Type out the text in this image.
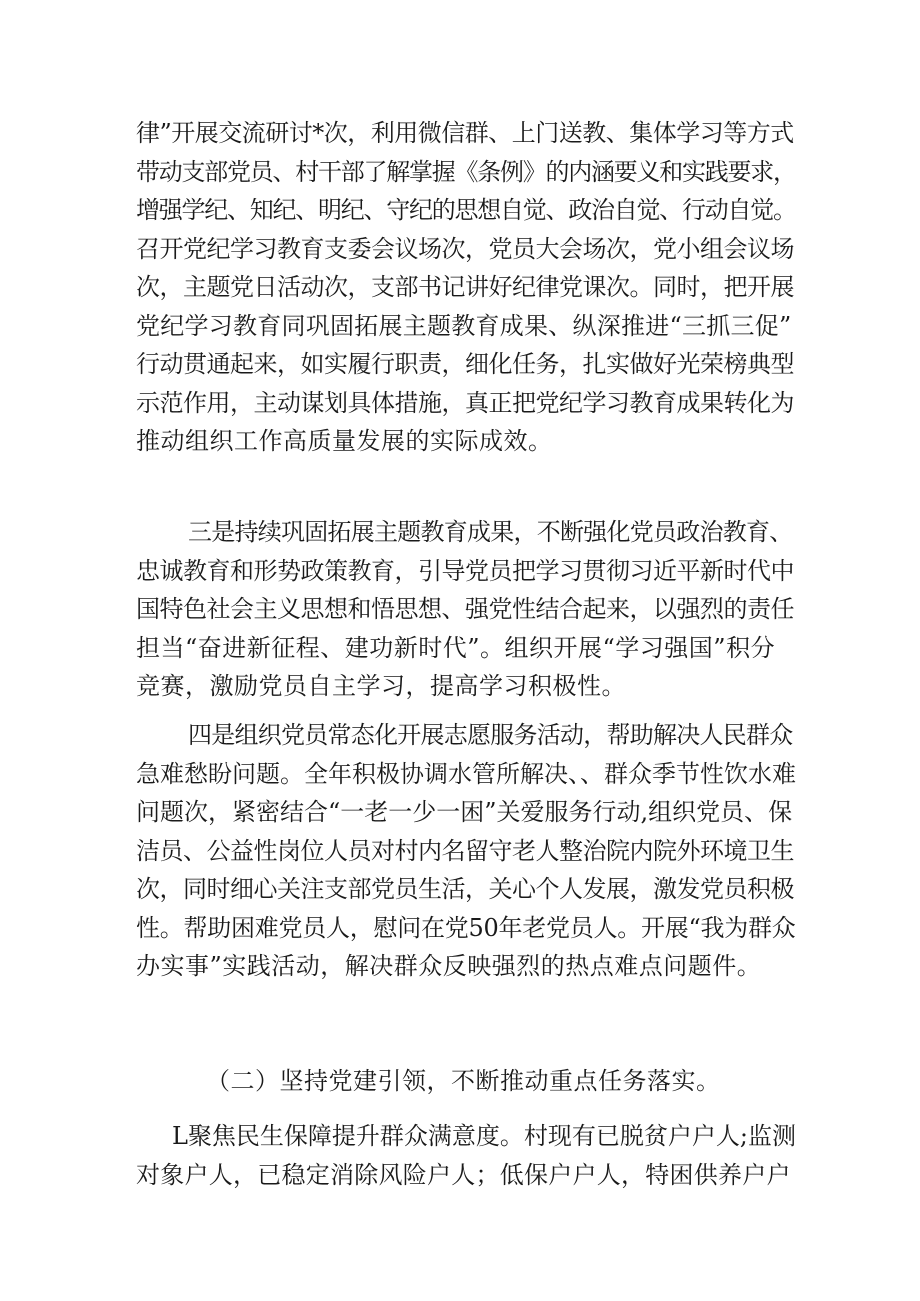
律”开展交流研讨*次，利用微信群、上门送教、集体学习等方式
带动支部党员、村干部了解掌握《条例》的内涵要义和实践要求，
增强学纪、知纪、明纪、守纪的思想自觉、政治自觉、行动自觉。
召开党纪学习教育支委会议场次，党员大会场次，党小组会议场
次，主题党日活动次，支部书记讲好纪律党课次。同时，把开展
党纪学习教育同巩固拓展主题教育成果、纵深推进“三抓三促”
行动贯通起来，如实履行职责，细化任务，扎实做好光荣榜典型
示范作用，主动谋划具体措施，真正把党纪学习教育成果转化为
推动组织工作高质量发展的实际成效。
三是持续巩固拓展主题教育成果，不断强化党员政治教育、
忠诚教育和形势政策教育，引导党员把学习贯彻习近平新时代中
国特色社会主义思想和悟思想、强党性结合起来，以强烈的责任
担当“奋进新征程、建功新时代”。组织开展“学习强国”积分
竞赛，激励党员自主学习，提高学习积极性。
四是组织党员常态化开展志愿服务活动，帮助解决人民群众
急难愁盼问题。全年积极协调水管所解决、、群众季节性饮水难
问题次，紧密结合“一老一少一困”关爱服务行动,组织党员、保
洁员、公益性岗位人员对村内名留守老人整治院内院外环境卫生
次，同时细心关注支部党员生活，关心个人发展，激发党员积极
性。帮助困难党员人，慰问在党50年老党员人。开展“我为群众
办实事”实践活动，解决群众反映强烈的热点难点问题件。
（二）坚持党建引领，不断推动重点任务落实。
L聚焦民生保障提升群众满意度。村现有已脱贫户户人;监测
对象户人，已稳定消除风险户人；低保户户人，特困供养户户
